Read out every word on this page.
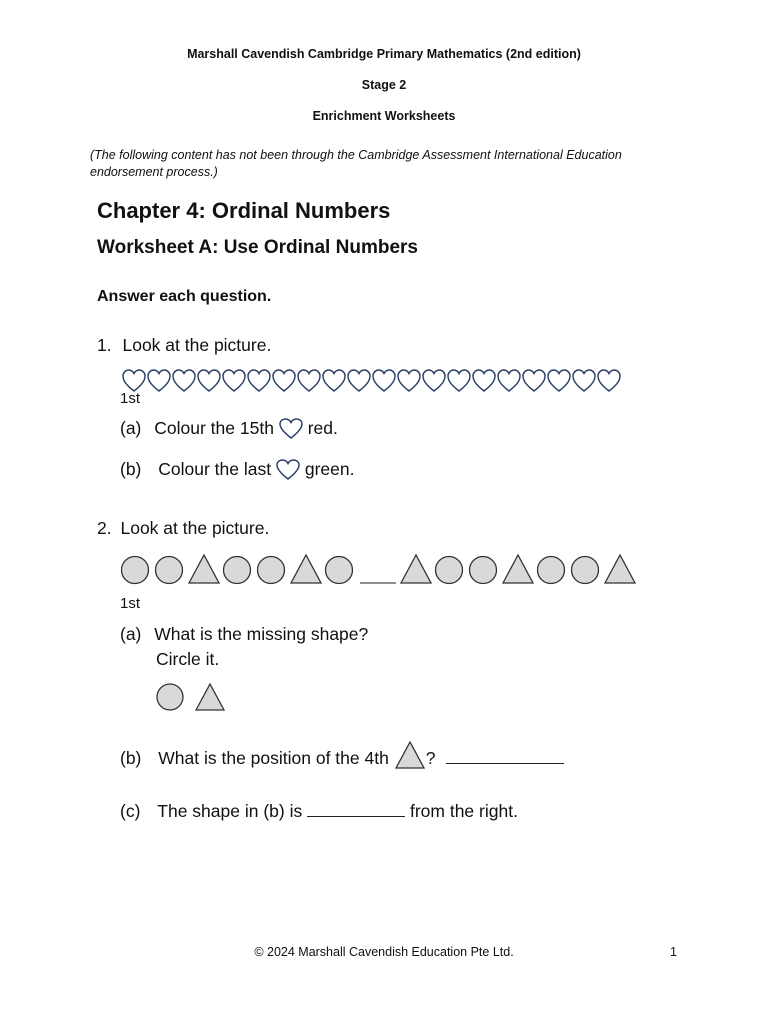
Marshall Cavendish Cambridge Primary Mathematics (2nd edition)
Stage 2
Enrichment Worksheets
(The following content has not been through the Cambridge Assessment International Education endorsement process.)
Chapter 4: Ordinal Numbers
Worksheet A: Use Ordinal Numbers
Answer each question.
1. Look at the picture.
1st
(a) Colour the 15th red.
(b) Colour the last green.
2. Look at the picture.
1st
(a) What is the missing shape?
Circle it.
(b) What is the position of the 4th ?
(c) The shape in (b) is	from the right.
© 2024 Marshall Cavendish Education Pte Ltd.	1
